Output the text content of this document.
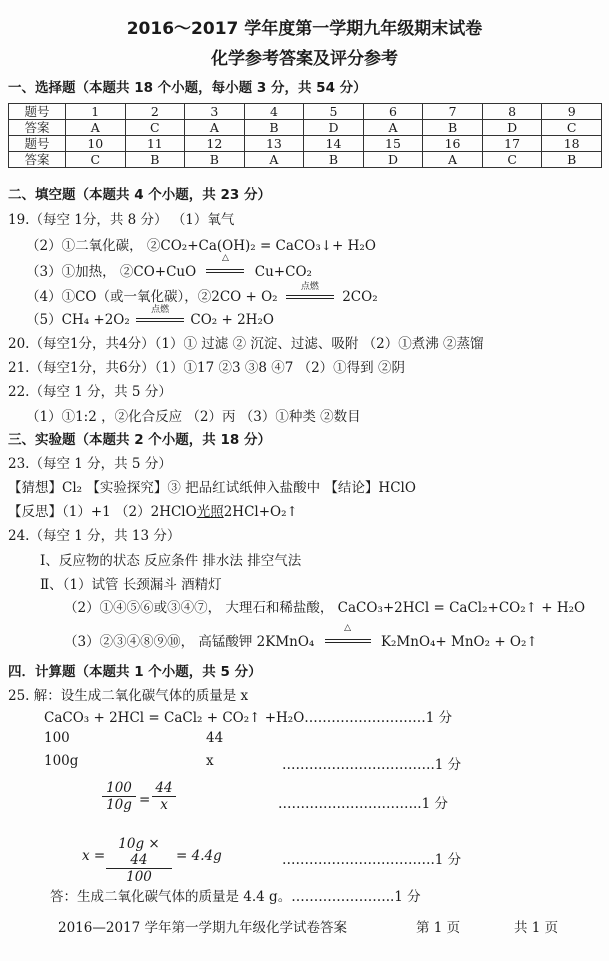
2016～2017 学年度第一学期九年级期末试卷
化学参考答案及评分参考
一、选择题（本题共 18 个小题，每小题 3 分，共 54 分）
题号	1	2	3	4	5	6	7	8	9
答案	A	C	A	B	D	A	B	D	C
题号	10	11	12	13	14	15	16	17	18
答案	C	B	B	A	B	D	A	C	B
二、填空题（本题共 4 个小题，共 23 分）
19.（每空 1分，共 8 分） （1）氧气
（2）①二氧化碳， ②CO₂+Ca(OH)₂ = CaCO₃↓+ H₂O
（3）①加热， ②CO+CuO
△
Cu+CO₂
（4）①CO（或一氧化碳），②2CO + O₂
点燃
2CO₂
（5）CH₄ +2O₂
点燃
CO₂ + 2H₂O
20.（每空1分，共4分）（1）① 过滤 ② 沉淀、过滤、吸附 （2）①煮沸 ②蒸馏
21.（每空1分，共6分）（1）①17 ②3 ③8 ④7 （2）①得到 ②阴
22.（每空 1 分，共 5 分）
（1）①1:2 ，②化合反应 （2）丙 （3）①种类 ②数目
三、实验题（本题共 2 个小题，共 18 分）
23.（每空 1 分，共 5 分）
【猜想】Cl₂ 【实验探究】③ 把品红试纸伸入盐酸中 【结论】HClO
【反思】（1）+1 （2）2HClO光照2HCl+O₂↑
24.（每空 1 分，共 13 分）
Ⅰ、反应物的状态 反应条件 排水法 排空气法
Ⅱ、（1）试管 长颈漏斗 酒精灯
（2）①④⑤⑥或③④⑦， 大理石和稀盐酸， CaCO₃+2HCl = CaCl₂+CO₂↑ + H₂O
（3）②③④⑧⑨⑩， 高锰酸钾 2KMnO₄
△
K₂MnO₄+ MnO₂ + O₂↑
四．计算题（本题共 1 个小题，共 5 分）
25. 解：设生成二氧化碳气体的质量是 x
CaCO₃ + 2HCl = CaCl₂ + CO₂↑ +H₂O………………………1 分
100	44
100g	x	…………………………….1 分
$\frac{100}{10g} = \frac{44}{x}$	…………………………..1 分
$x = \frac{10g \times 44}{100} = 4.4g$	…………………………….1 分
答：生成二氧化碳气体的质量是 4.4 g。…………………..1 分
2016—2017 学年第一学期九年级化学试卷答案	第 1 页	共 1 页
